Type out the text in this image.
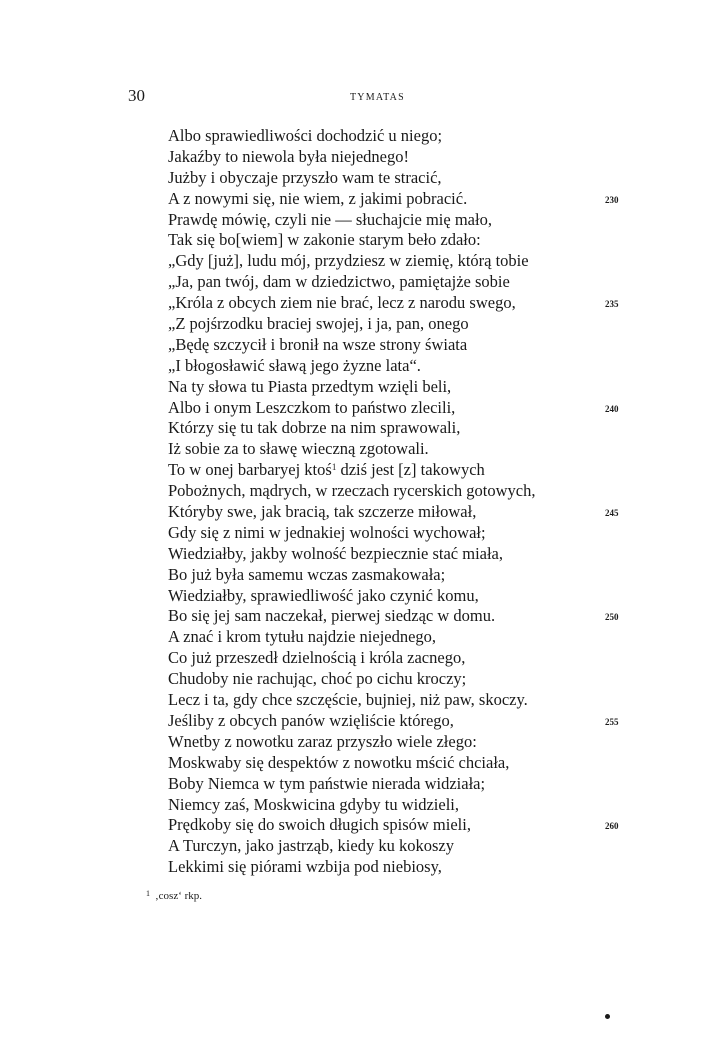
30	TYMATAS
Albo sprawiedliwości dochodzić u niego;
Jakaźby to niewola była niejednego!
Jużby i obyczaje przyszło wam te stracić,
A z nowymi się, nie wiem, z jakimi pobracić.	230
Prawdę mówię, czyli nie — słuchajcie mię mało,
Tak się bo[wiem] w zakonie starym beło zdało:
„Gdy [już], ludu mój, przydziesz w ziemię, którą tobie
„Ja, pan twój, dam w dziedzictwo, pamiętajże sobie
„Króla z obcych ziem nie brać, lecz z narodu swego,	235
„Z pojśrzodku braciej swojej, i ja, pan, onego
„Będę szczycił i bronił na wsze strony świata
„I błogosławić sławą jego żyzne lata“.
Na ty słowa tu Piasta przedtym wzięli beli,
Albo i onym Leszczkom to państwo zlecili,	240
Którzy się tu tak dobrze na nim sprawowali,
Iż sobie za to sławę wieczną zgotowali.
To w onej barbaryej ktoś$^1$ dziś jest [z] takowych
Pobożnych, mądrych, w rzeczach rycerskich gotowych,
Któryby swe, jak bracią, tak szczerze miłował,	245
Gdy się z nimi w jednakiej wolności wychował;
Wiedziałby, jakby wolność bezpiecznie stać miała,
Bo już była samemu wczas zasmakowała;
Wiedziałby, sprawiedliwość jako czynić komu,
Bo się jej sam naczekał, pierwej siedząc w domu.	250
A znać i krom tytułu najdzie niejednego,
Co już przeszedł dzielnością i króla zacnego,
Chudoby nie rachując, choć po cichu kroczy;
Lecz i ta, gdy chce szczęście, bujniej, niż paw, skoczy.
Jeśliby z obcych panów wzięliście którego,	255
Wnetby z nowotku zaraz przyszło wiele złego:
Moskwaby się despektów z nowotku mścić chciała,
Boby Niemca w tym państwie nierada widziała;
Niemcy zaś, Moskwicina gdyby tu widzieli,
Prędkoby się do swoich długich spisów mieli,	260
A Turczyn, jako jastrząb, kiedy ku kokoszy
Lekkimi się piórami wzbija pod niebiosy,
$^1$ ‚cosz‘ rkp.
